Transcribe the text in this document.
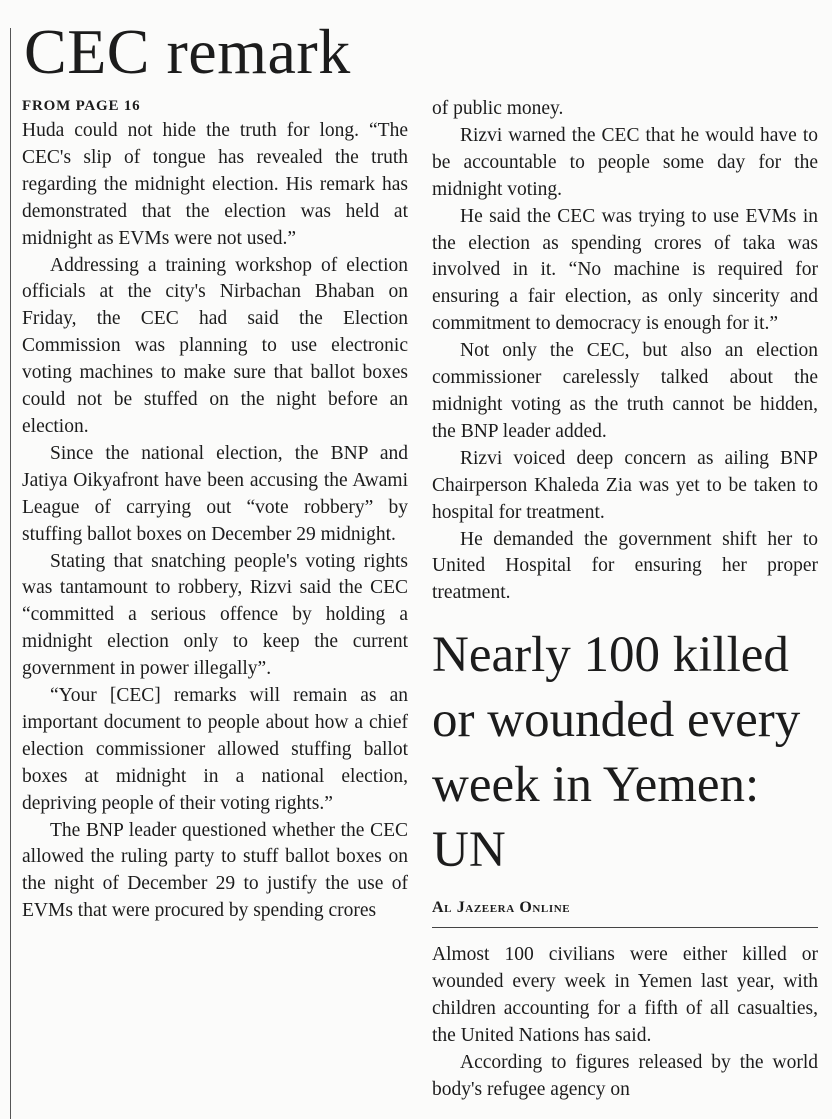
CEC remark
FROM PAGE 16

Huda could not hide the truth for long. “The CEC's slip of tongue has revealed the truth regarding the midnight election. His remark has demonstrated that the election was held at midnight as EVMs were not used.”

Addressing a training workshop of election officials at the city's Nirbachan Bhaban on Friday, the CEC had said the Election Commission was planning to use electronic voting machines to make sure that ballot boxes could not be stuffed on the night before an election.

Since the national election, the BNP and Jatiya Oikyafront have been accusing the Awami League of carrying out “vote robbery” by stuffing ballot boxes on December 29 midnight.

Stating that snatching people's voting rights was tantamount to robbery, Rizvi said the CEC “committed a serious offence by holding a midnight election only to keep the current government in power illegally”.

“Your [CEC] remarks will remain as an important document to people about how a chief election commissioner allowed stuffing ballot boxes at midnight in a national election, depriving people of their voting rights.”

The BNP leader questioned whether the CEC allowed the ruling party to stuff ballot boxes on the night of December 29 to justify the use of EVMs that were procured by spending crores

of public money.

Rizvi warned the CEC that he would have to be accountable to people some day for the midnight voting.

He said the CEC was trying to use EVMs in the election as spending crores of taka was involved in it. “No machine is required for ensuring a fair election, as only sincerity and commitment to democracy is enough for it.”

Not only the CEC, but also an election commissioner carelessly talked about the midnight voting as the truth cannot be hidden, the BNP leader added.

Rizvi voiced deep concern as ailing BNP Chairperson Khaleda Zia was yet to be taken to hospital for treatment.

He demanded the government shift her to United Hospital for ensuring her proper treatment.

Nearly 100 killed or wounded every week in Yemen: UN
Al Jazeera Online

Almost 100 civilians were either killed or wounded every week in Yemen last year, with children accounting for a fifth of all casualties, the United Nations has said.

According to figures released by the world body's refugee agency on
